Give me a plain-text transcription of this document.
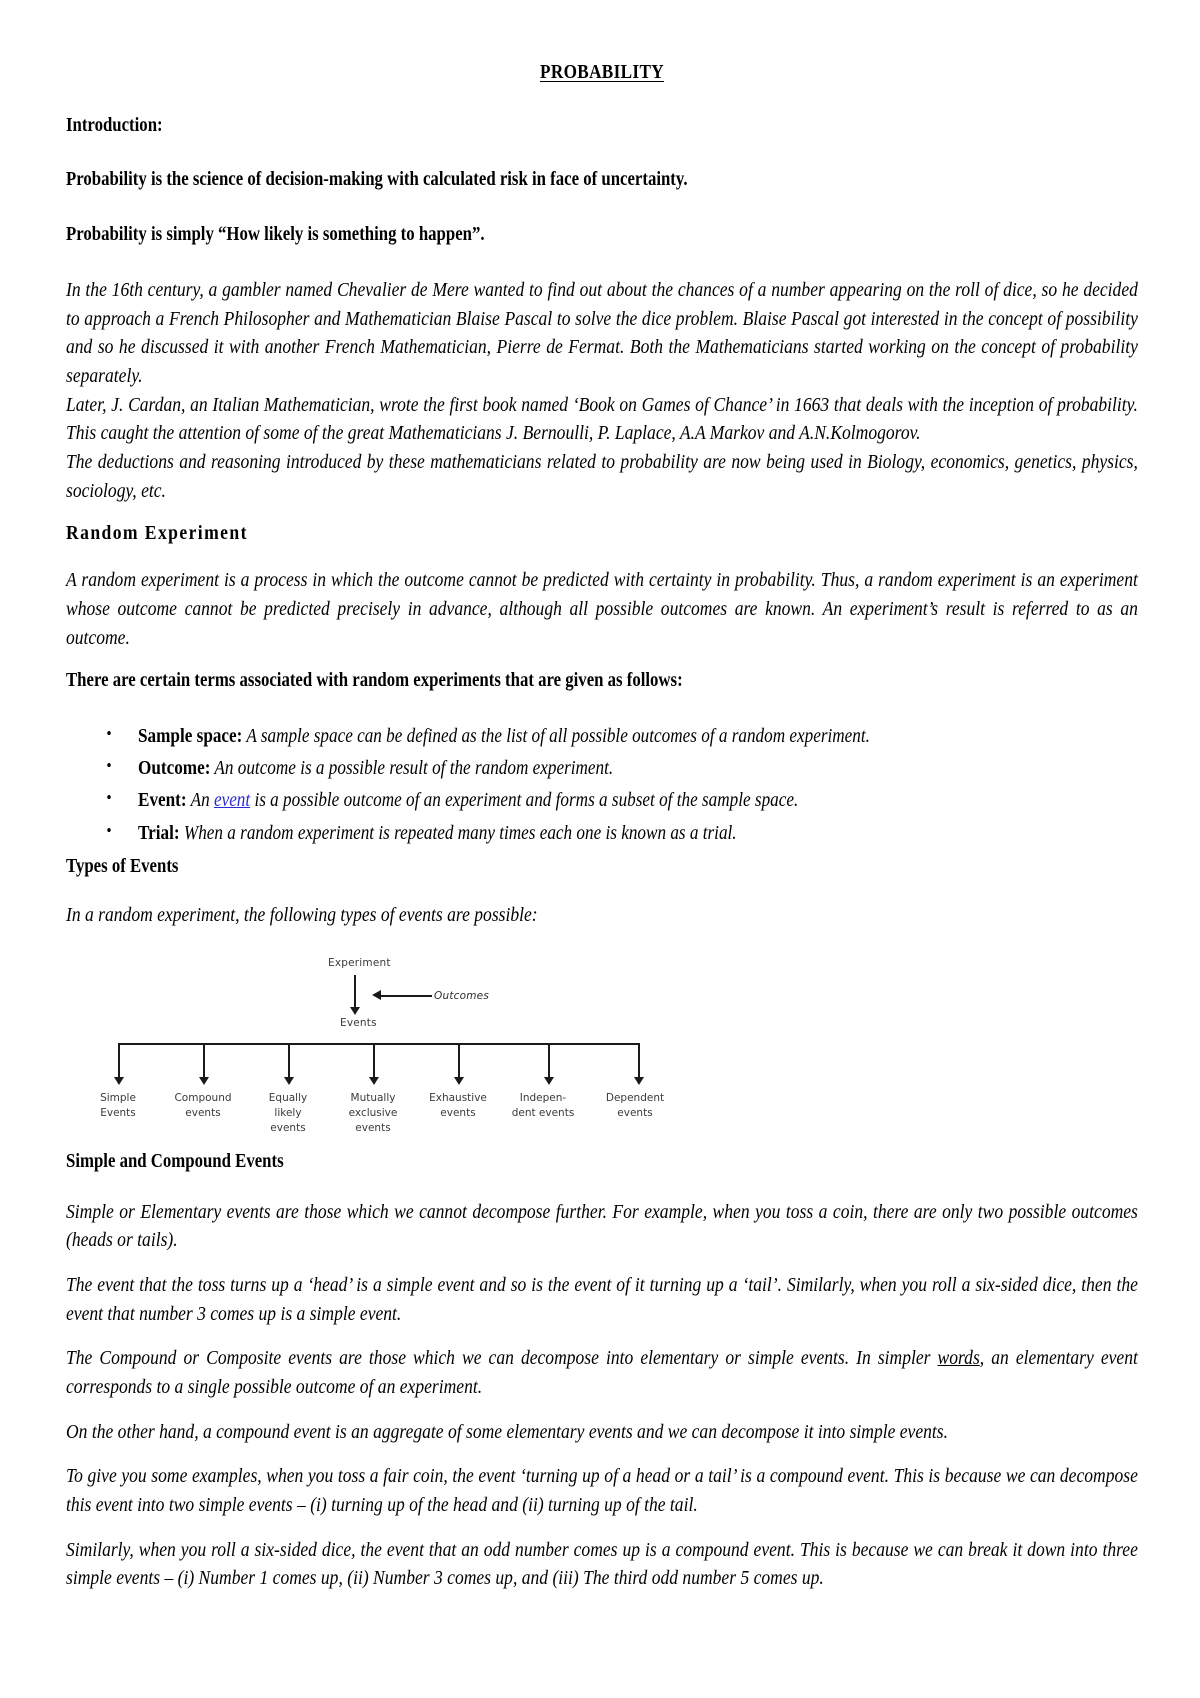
PROBABILITY

Introduction:

Probability is the science of decision-making with calculated risk in face of uncertainty.

Probability is simply “How likely is something to happen”.

In the 16th century, a gambler named Chevalier de Mere wanted to find out about the chances of a number appearing on the roll of dice, so he decided to approach a French Philosopher and Mathematician Blaise Pascal to solve the dice problem. Blaise Pascal got interested in the concept of possibility and so he discussed it with another French Mathematician, Pierre de Fermat. Both the Mathematicians started working on the concept of probability separately.

Later, J. Cardan, an Italian Mathematician, wrote the first book named ‘Book on Games of Chance’ in 1663 that deals with the inception of probability. This caught the attention of some of the great Mathematicians J. Bernoulli, P. Laplace, A.A Markov and A.N.Kolmogorov.

The deductions and reasoning introduced by these mathematicians related to probability are now being used in Biology, economics, genetics, physics, sociology, etc.

Random Experiment

A random experiment is a process in which the outcome cannot be predicted with certainty in probability. Thus, a random experiment is an experiment whose outcome cannot be predicted precisely in advance, although all possible outcomes are known. An experiment’s result is referred to as an outcome.

There are certain terms associated with random experiments that are given as follows:

• Sample space: A sample space can be defined as the list of all possible outcomes of a random experiment.
• Outcome: An outcome is a possible result of the random experiment.
• Event: An event is a possible outcome of an experiment and forms a subset of the sample space.
• Trial: When a random experiment is repeated many times each one is known as a trial.
Types of Events

In a random experiment, the following types of events are possible:

Experiment
Outcomes
Events
Simple
Events
Compound
events
Equally
likely
events
Mutually
exclusive
events
Exhaustive
events
Indepen-
dent events
Dependent
events
Simple and Compound Events

Simple or Elementary events are those which we cannot decompose further. For example, when you toss a coin, there are only two possible outcomes (heads or tails).

The event that the toss turns up a ‘head’ is a simple event and so is the event of it turning up a ‘tail’. Similarly, when you roll a six-sided dice, then the event that number 3 comes up is a simple event.

The Compound or Composite events are those which we can decompose into elementary or simple events. In simpler words, an elementary event corresponds to a single possible outcome of an experiment.

On the other hand, a compound event is an aggregate of some elementary events and we can decompose it into simple events.

To give you some examples, when you toss a fair coin, the event ‘turning up of a head or a tail’ is a compound event. This is because we can decompose this event into two simple events – (i) turning up of the head and (ii) turning up of the tail.

Similarly, when you roll a six-sided dice, the event that an odd number comes up is a compound event. This is because we can break it down into three simple events – (i) Number 1 comes up, (ii) Number 3 comes up, and (iii) The third odd number 5 comes up.
